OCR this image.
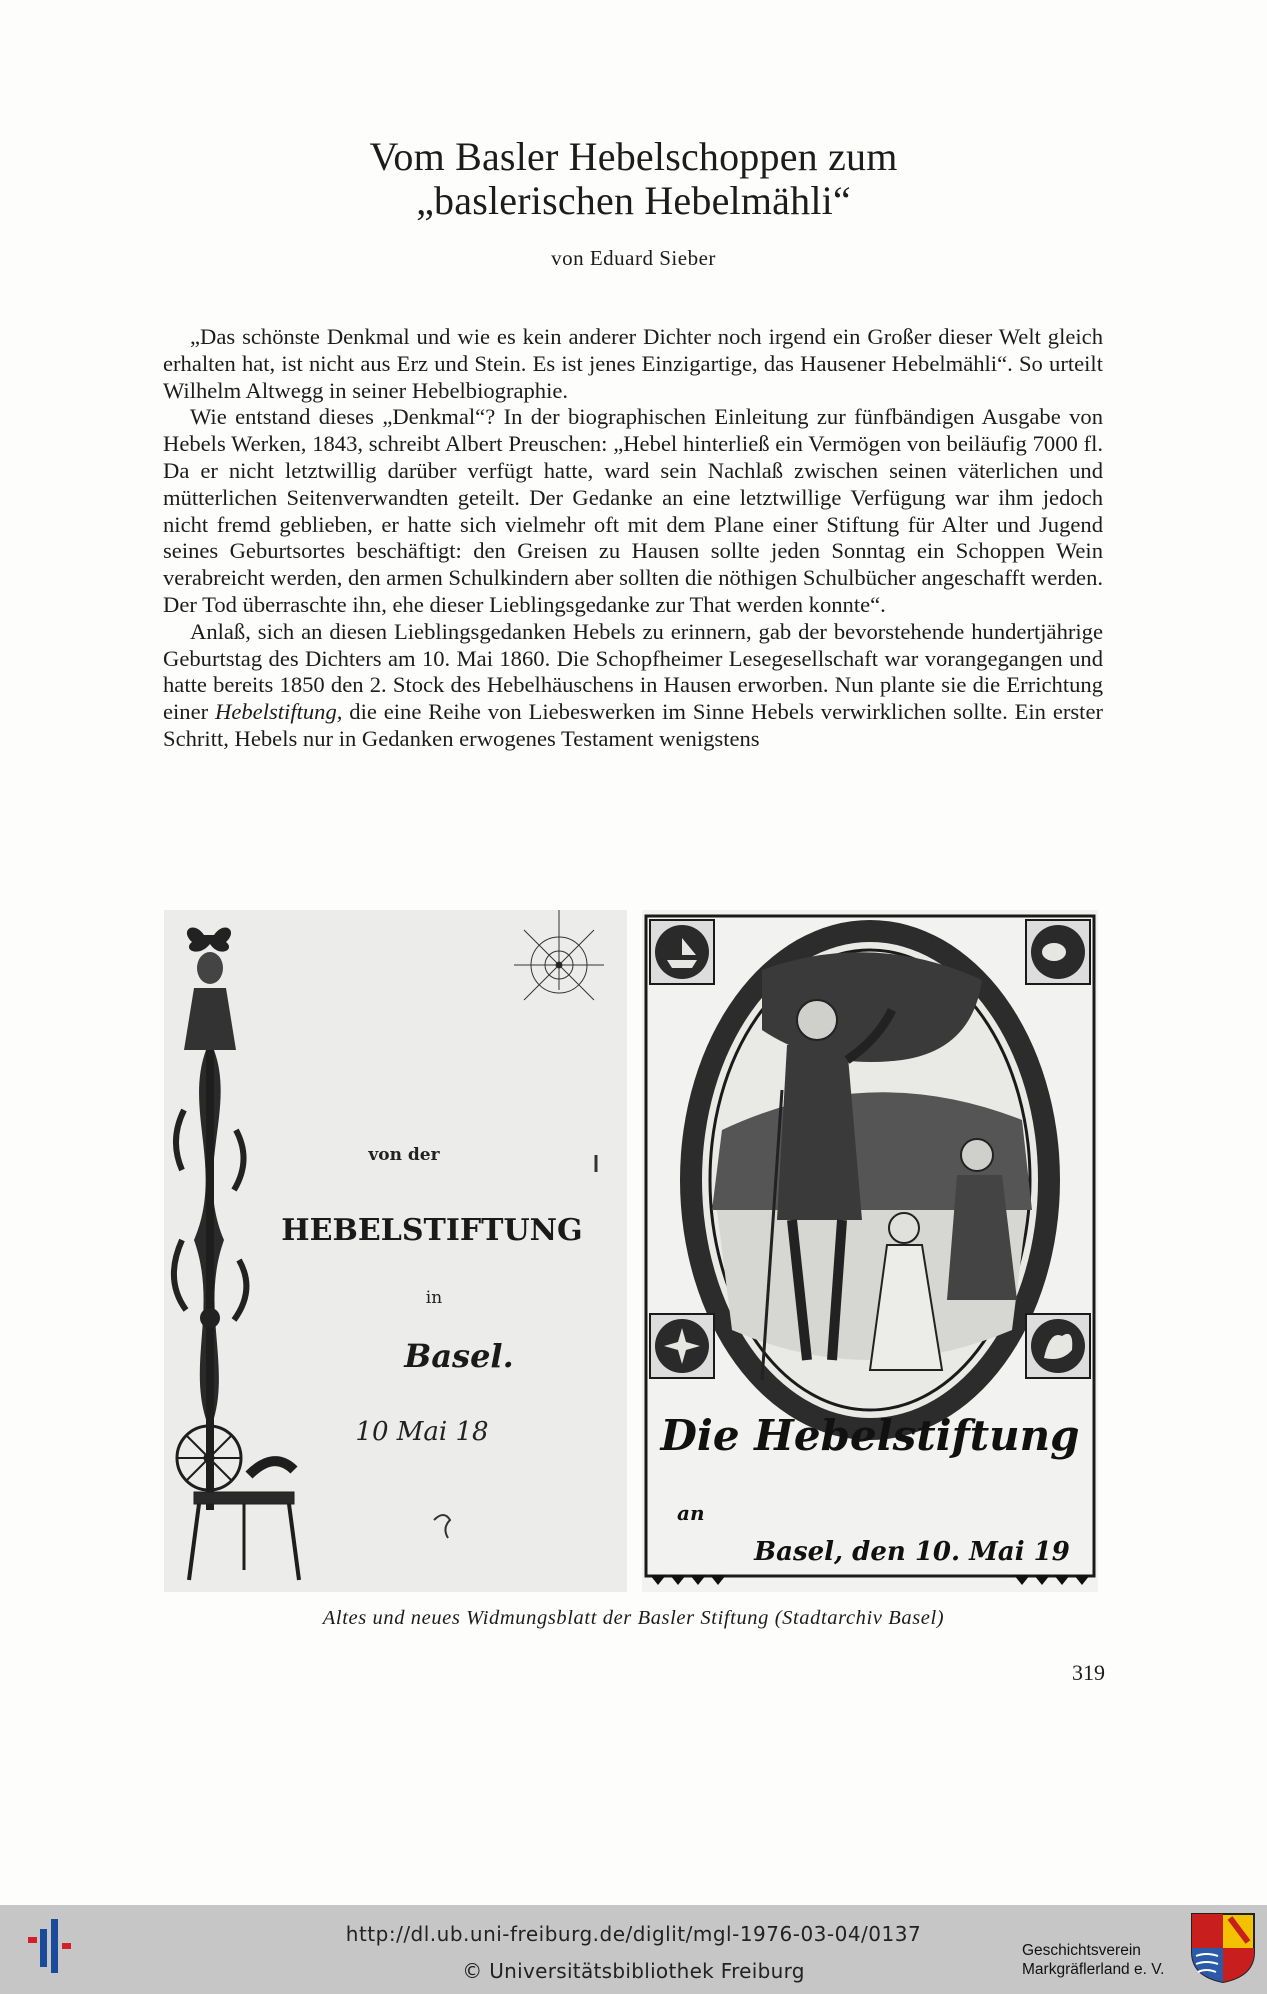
Vom Basler Hebelschoppen zum
„baslerischen Hebelmähli“
von Eduard Sieber

„Das schönste Denkmal und wie es kein anderer Dichter noch irgend ein Großer dieser Welt gleich erhalten hat, ist nicht aus Erz und Stein. Es ist jenes Einzigartige, das Hausener Hebelmähli“. So urteilt Wilhelm Altwegg in seiner Hebelbiographie.

Wie entstand dieses „Denkmal“? In der biographischen Einleitung zur fünfbändigen Ausgabe von Hebels Werken, 1843, schreibt Albert Preuschen: „Hebel hinterließ ein Vermögen von beiläufig 7000 fl. Da er nicht letztwillig darüber verfügt hatte, ward sein Nachlaß zwischen seinen väterlichen und mütterlichen Seitenverwandten geteilt. Der Gedanke an eine letztwillige Verfügung war ihm jedoch nicht fremd geblieben, er hatte sich vielmehr oft mit dem Plane einer Stiftung für Alter und Jugend seines Geburtsortes beschäftigt: den Greisen zu Hausen sollte jeden Sonntag ein Schoppen Wein verabreicht werden, den armen Schulkindern aber sollten die nöthigen Schulbücher angeschafft werden. Der Tod überraschte ihn, ehe dieser Lieblingsgedanke zur That werden konnte“.

Anlaß, sich an diesen Lieblingsgedanken Hebels zu erinnern, gab der bevorstehende hundertjährige Geburtstag des Dichters am 10. Mai 1860. Die Schopfheimer Lesegesellschaft war vorangegangen und hatte bereits 1850 den 2. Stock des Hebelhäuschens in Hausen erworben. Nun plante sie die Errichtung einer Hebelstiftung, die eine Reihe von Liebeswerken im Sinne Hebels verwirklichen sollte. Ein erster Schritt, Hebels nur in Gedanken erwogenes Testament wenigstens

von der
HEBELSTIFTUNG
in
Basel.
10 Mai 18	Die Hebelstiftung
an
Basel, den 10. Mai 19
Altes und neues Widmungsblatt der Basler Stiftung (Stadtarchiv Basel)
319
http://dl.ub.uni-freiburg.de/diglit/mgl-1976-03-04/0137
© Universitätsbibliothek Freiburg
Geschichtsverein
Markgräflerland e. V.
